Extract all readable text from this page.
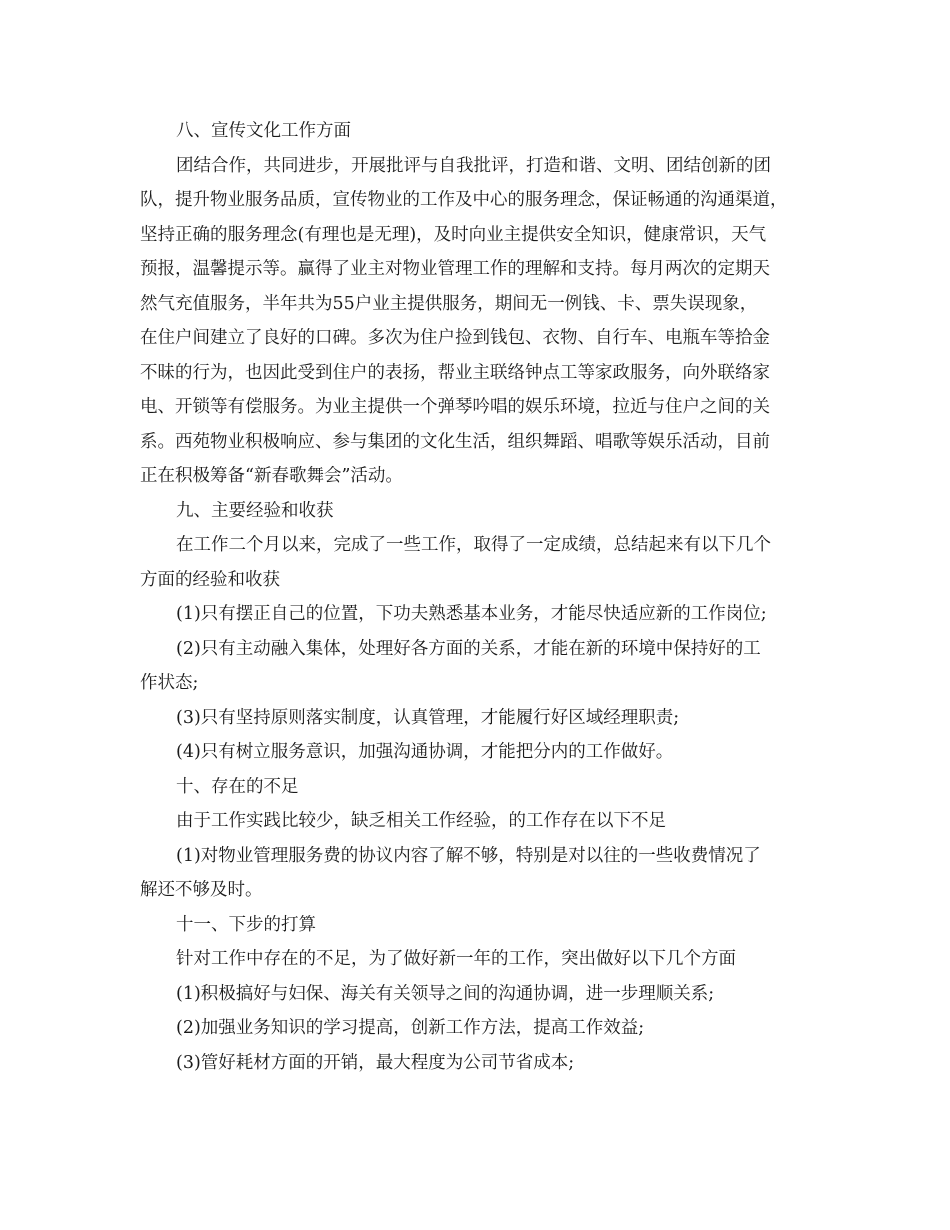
八、宣传文化工作方面
团结合作，共同进步，开展批评与自我批评，打造和谐、文明、团结创新的团
队，提升物业服务品质，宣传物业的工作及中心的服务理念，保证畅通的沟通渠道，
坚持正确的服务理念(有理也是无理)，及时向业主提供安全知识，健康常识，天气
预报，温馨提示等。赢得了业主对物业管理工作的理解和支持。每月两次的定期天
然气充值服务，半年共为55户业主提供服务，期间无一例钱、卡、票失误现象，
在住户间建立了良好的口碑。多次为住户捡到钱包、衣物、自行车、电瓶车等拾金
不昧的行为，也因此受到住户的表扬，帮业主联络钟点工等家政服务，向外联络家
电、开锁等有偿服务。为业主提供一个弹琴吟唱的娱乐环境，拉近与住户之间的关
系。西苑物业积极响应、参与集团的文化生活，组织舞蹈、唱歌等娱乐活动，目前
正在积极筹备“新春歌舞会”活动。
九、主要经验和收获
在工作二个月以来，完成了一些工作，取得了一定成绩，总结起来有以下几个
方面的经验和收获
(1)只有摆正自己的位置，下功夫熟悉基本业务，才能尽快适应新的工作岗位;
(2)只有主动融入集体，处理好各方面的关系，才能在新的环境中保持好的工
作状态;
(3)只有坚持原则落实制度，认真管理，才能履行好区域经理职责;
(4)只有树立服务意识，加强沟通协调，才能把分内的工作做好。
十、存在的不足
由于工作实践比较少，缺乏相关工作经验，的工作存在以下不足
(1)对物业管理服务费的协议内容了解不够，特别是对以往的一些收费情况了
解还不够及时。
十一、下步的打算
针对工作中存在的不足，为了做好新一年的工作，突出做好以下几个方面
(1)积极搞好与妇保、海关有关领导之间的沟通协调，进一步理顺关系;
(2)加强业务知识的学习提高，创新工作方法，提高工作效益;
(3)管好耗材方面的开销，最大程度为公司节省成本;
